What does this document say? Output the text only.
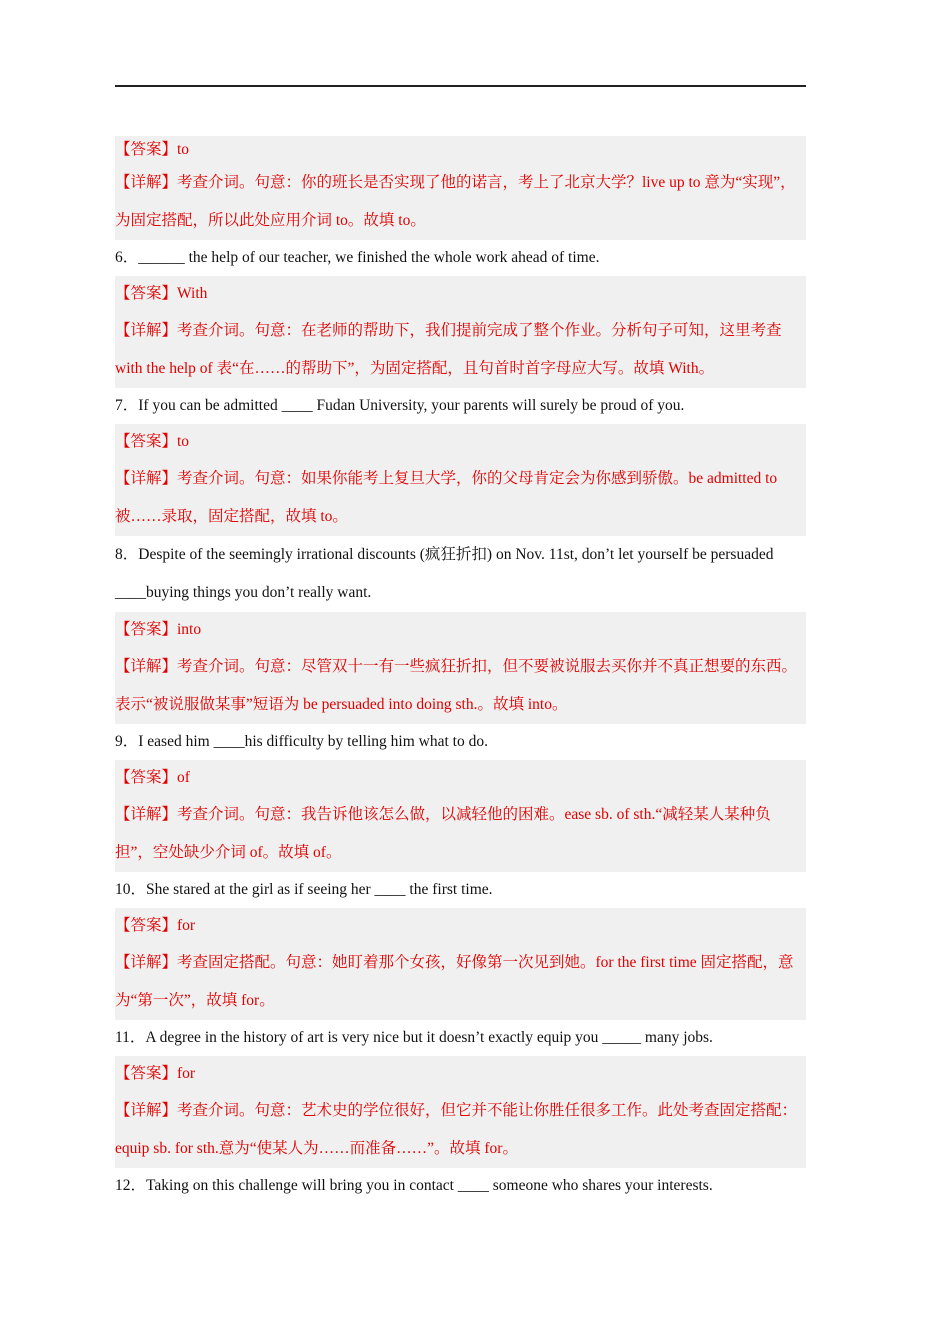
【答案】to
【详解】考查介词。句意：你的班长是否实现了他的诺言，考上了北京大学？live up to 意为“实现”，为固定搭配，所以此处应用介词 to。故填 to。
6．______ the help of our teacher, we finished the whole work ahead of time.
【答案】With
【详解】考查介词。句意：在老师的帮助下，我们提前完成了整个作业。分析句子可知，这里考查 with the help of 表“在……的帮助下”，为固定搭配，且句首时首字母应大写。故填 With。
7．If you can be admitted ____ Fudan University, your parents will surely be proud of you.
【答案】to
【详解】考查介词。句意：如果你能考上复旦大学，你的父母肯定会为你感到骄傲。be admitted to 被……录取，固定搭配，故填 to。
8．Despite of the seemingly irrational discounts (疯狂折扣) on Nov. 11st, don’t let yourself be persuaded ____buying things you don’t really want.
【答案】into
【详解】考查介词。句意：尽管双十一有一些疯狂折扣，但不要被说服去买你并不真正想要的东西。表示“被说服做某事”短语为 be persuaded into doing sth.。故填 into。
9．I eased him ____his difficulty by telling him what to do.
【答案】of
【详解】考查介词。句意：我告诉他该怎么做，以减轻他的困难。ease sb. of sth.“减轻某人某种负担”，空处缺少介词 of。故填 of。
10．She stared at the girl as if seeing her ____ the first time.
【答案】for
【详解】考查固定搭配。句意：她盯着那个女孩，好像第一次见到她。for the first time 固定搭配，意为“第一次”，故填 for。
11．A degree in the history of art is very nice but it doesn’t exactly equip you _____ many jobs.
【答案】for
【详解】考查介词。句意：艺术史的学位很好，但它并不能让你胜任很多工作。此处考查固定搭配：equip sb. for sth.意为“使某人为……而准备……”。故填 for。
12．Taking on this challenge will bring you in contact ____ someone who shares your interests.
